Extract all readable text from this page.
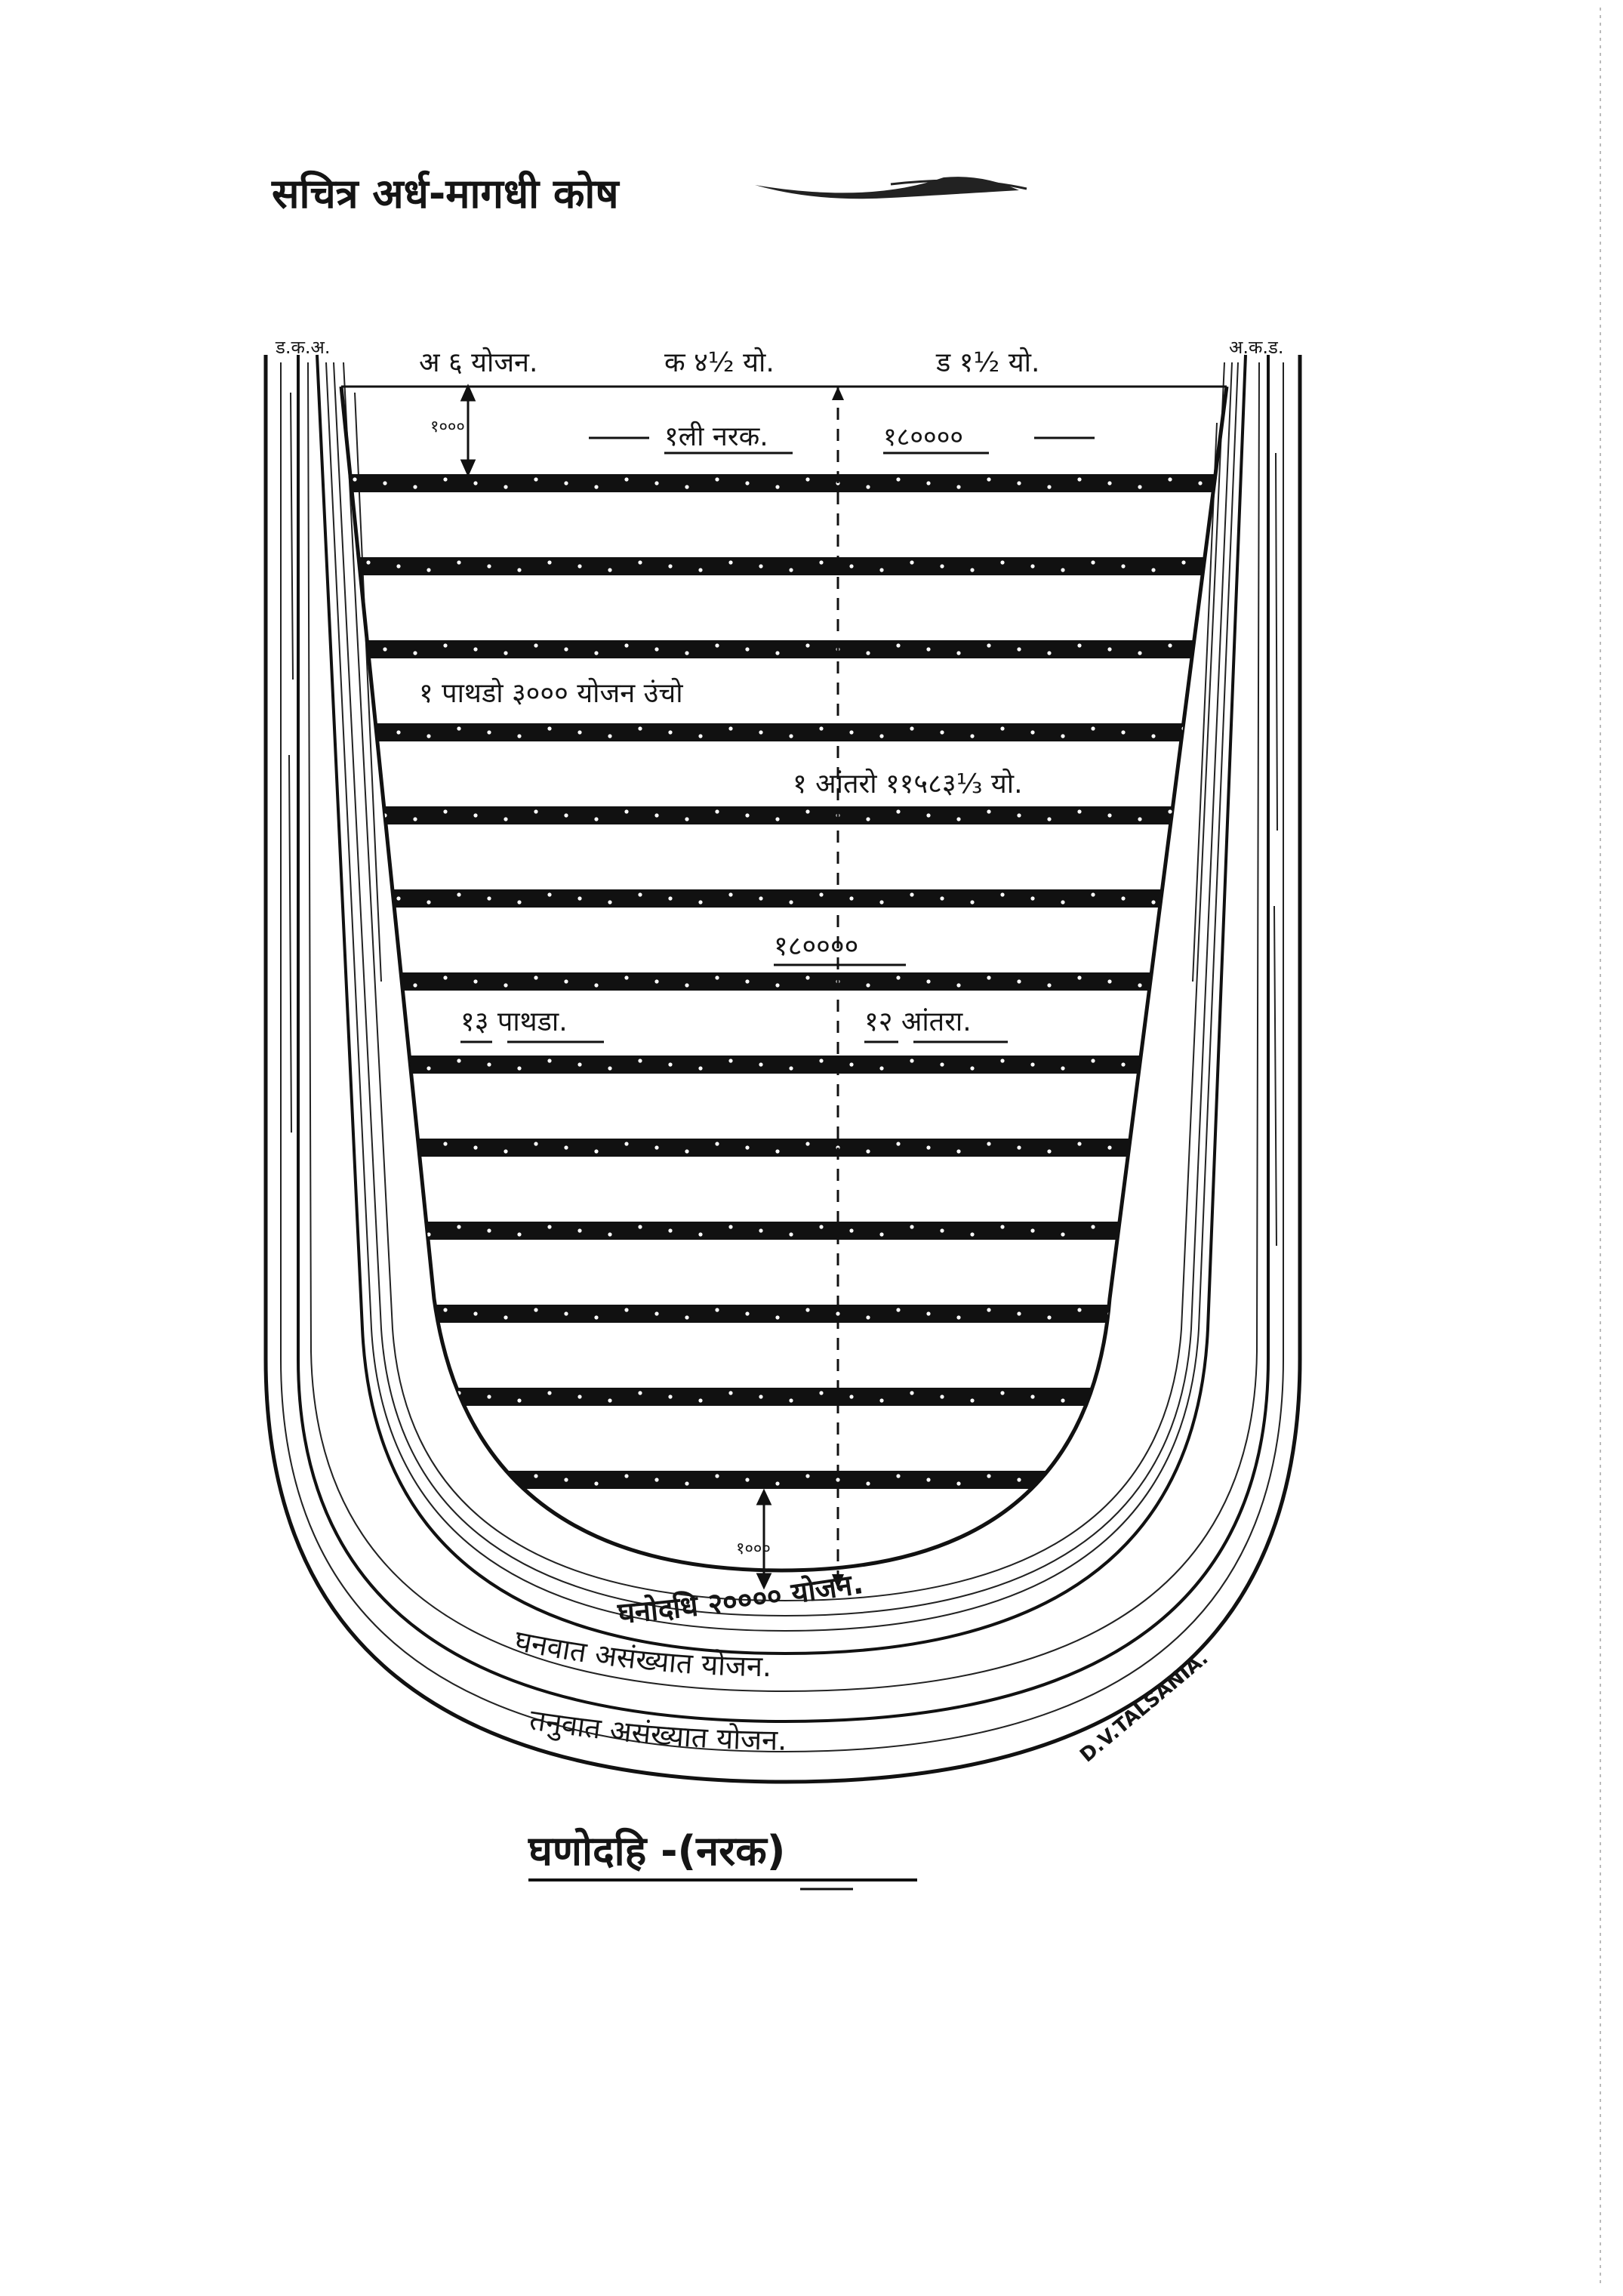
सचित्र अर्ध-मागधी कोष
१०००
१०००
ड.क.अ.	अ.क.ड.
अ ६ योजन.	क ४½ यो.	ड १½ यो.
१ली नरक.	१८००००
१ पाथडो ३००० योजन उंचो
१ आंतरो ११५८३⅓ यो.
१८००००
१३ पाथडा.	१२ आंतरा.
घनोदधि २०००० योजन.
घनवात असंख्यात योजन.
तनुवात असंख्यात योजन.	D.V.TALSANIA.
घणोदहि -(नरक)
